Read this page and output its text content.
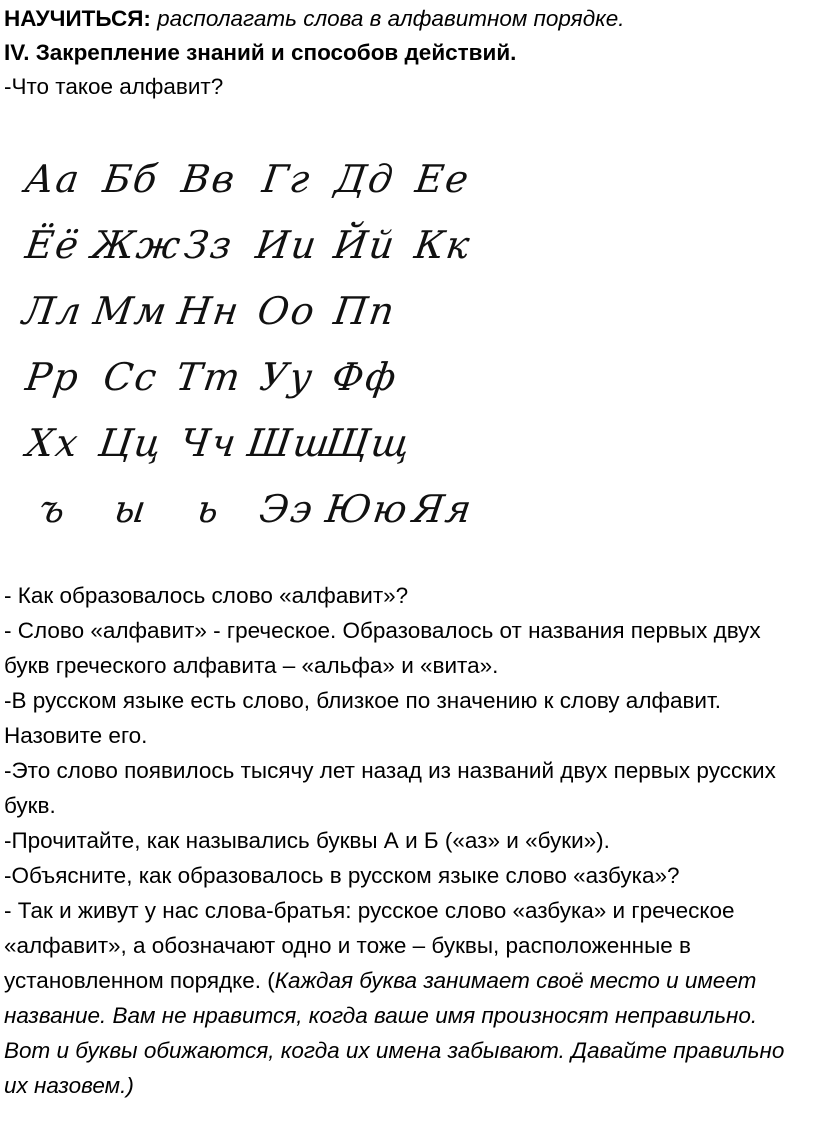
НАУЧИТЬСЯ: располагать слова в алфавитном порядке.

IV. Закрепление знаний и способов действий.

-Что такое алфавит?

Аа Бб Вв Гг Дд Ее
Ёё Жж
Зз Ии Йй Кк
Лл Мм Нн Оо Пп
Рр Сс Тт Уу Фф
Хх Цц Чч Шш
Щщ
ъ	ы	ь Ээ Юю
Яя

- Как образовалось слово «алфавит»?

- Слово «алфавит» - греческое. Образовалось от названия первых двух букв греческого алфавита – «альфа» и «вита».

-В русском языке есть слово, близкое по значению к слову алфавит. Назовите его.

-Это слово появилось тысячу лет назад из названий двух первых русских букв.

-Прочитайте, как назывались буквы А и Б («аз» и «буки»).

-Объясните, как образовалось в русском языке слово «азбука»?

- Так и живут у нас слова-братья: русское слово «азбука» и греческое «алфавит», а обозначают одно и тоже – буквы, расположенные в установленном порядке. (Каждая буква занимает своё место и имеет название. Вам не нравится, когда ваше имя произносят неправильно. Вот и буквы обижаются, когда их имена забывают. Давайте правильно их назовем.)
